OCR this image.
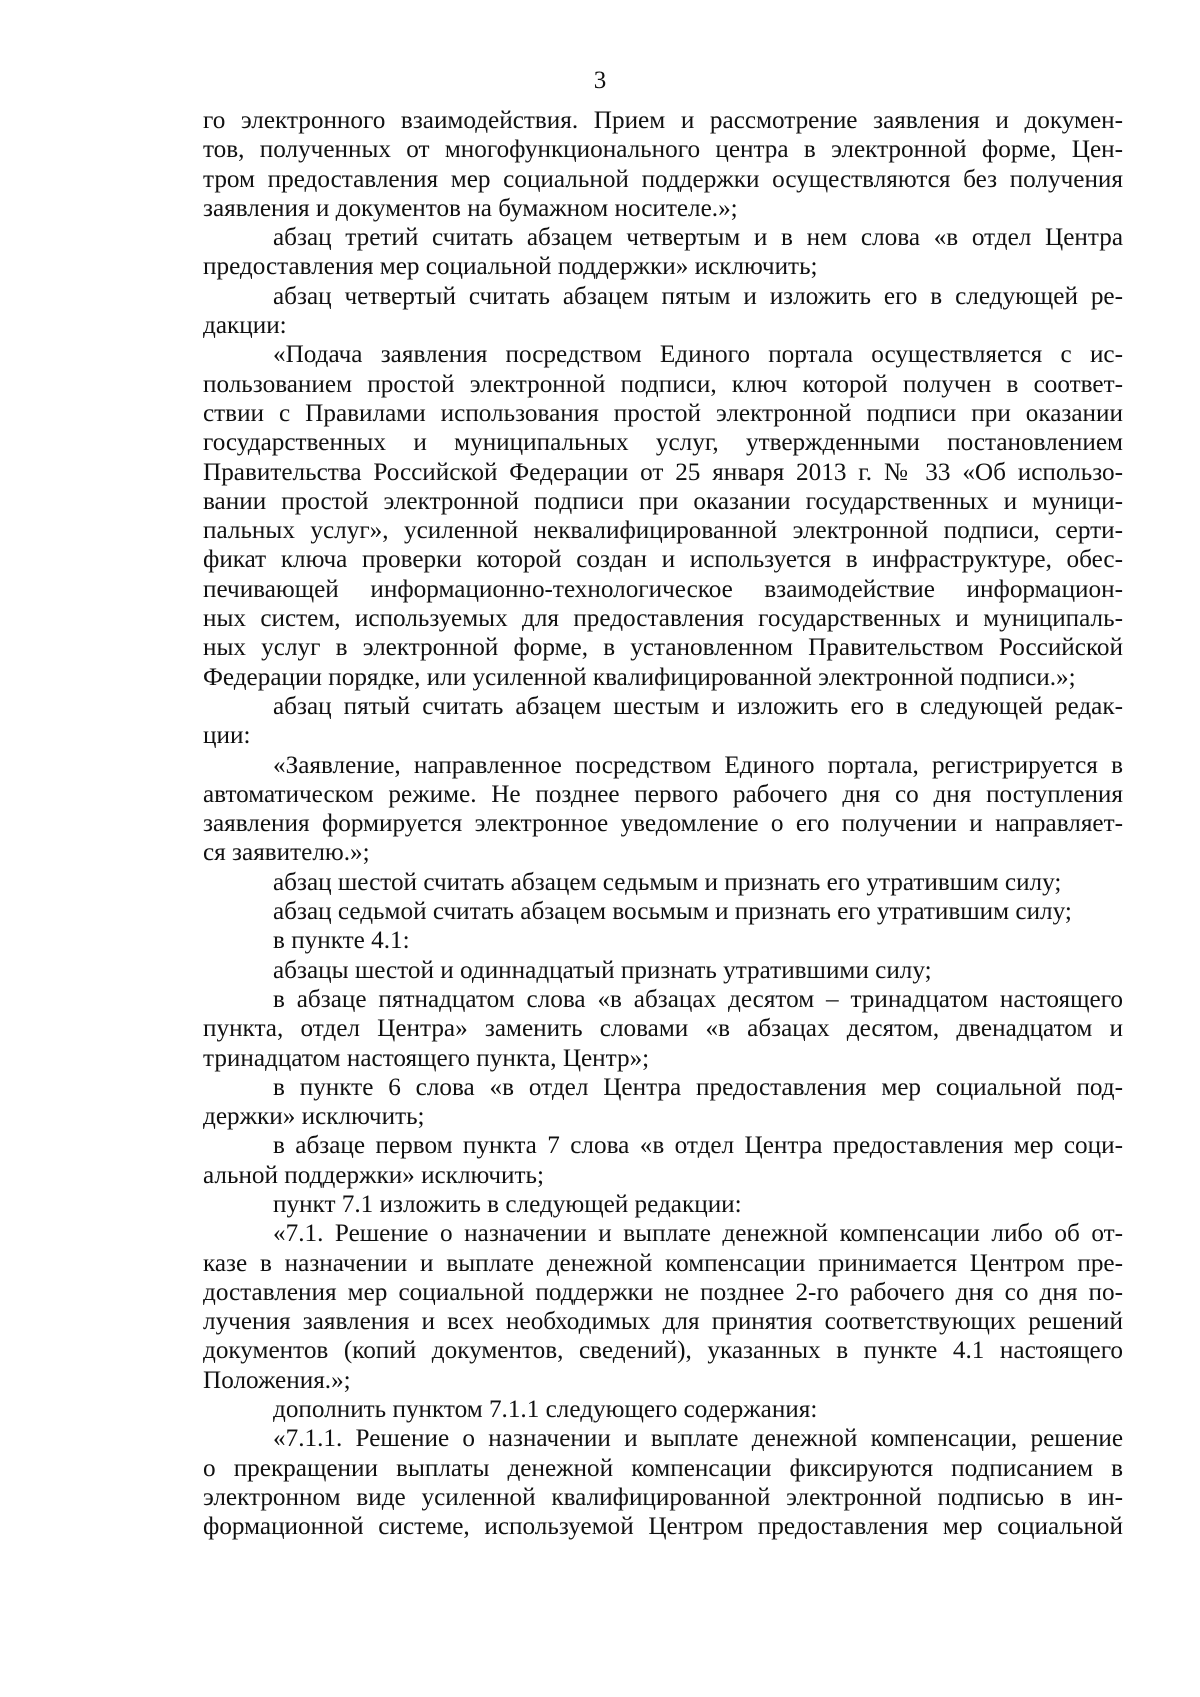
3
го электронного взаимодействия. Прием и рассмотрение заявления и докумен-
тов, полученных от многофункционального центра в электронной форме, Цен-
тром предоставления мер социальной поддержки осуществляются без получения
заявления и документов на бумажном носителе.»;
абзац третий считать абзацем четвертым и в нем слова «в отдел Центра
предоставления мер социальной поддержки» исключить;
абзац четвертый считать абзацем пятым и изложить его в следующей ре-
дакции:
«Подача заявления посредством Единого портала осуществляется с ис-
пользованием простой электронной подписи, ключ которой получен в соответ-
ствии с Правилами использования простой электронной подписи при оказании
государственных и муниципальных услуг, утвержденными постановлением
Правительства Российской Федерации от 25 января 2013 г. № 33 «Об использо-
вании простой электронной подписи при оказании государственных и муници-
пальных услуг», усиленной неквалифицированной электронной подписи, серти-
фикат ключа проверки которой создан и используется в инфраструктуре, обес-
печивающей информационно-технологическое взаимодействие информацион-
ных систем, используемых для предоставления государственных и муниципаль-
ных услуг в электронной форме, в установленном Правительством Российской
Федерации порядке, или усиленной квалифицированной электронной подписи.»;
абзац пятый считать абзацем шестым и изложить его в следующей редак-
ции:
«Заявление, направленное посредством Единого портала, регистрируется в
автоматическом режиме. Не позднее первого рабочего дня со дня поступления
заявления формируется электронное уведомление о его получении и направляет-
ся заявителю.»;
абзац шестой считать абзацем седьмым и признать его утратившим силу;
абзац седьмой считать абзацем восьмым и признать его утратившим силу;
в пункте 4.1:
абзацы шестой и одиннадцатый признать утратившими силу;
в абзаце пятнадцатом слова «в абзацах десятом – тринадцатом настоящего
пункта, отдел Центра» заменить словами «в абзацах десятом, двенадцатом и
тринадцатом настоящего пункта, Центр»;
в пункте 6 слова «в отдел Центра предоставления мер социальной под-
держки» исключить;
в абзаце первом пункта 7 слова «в отдел Центра предоставления мер соци-
альной поддержки» исключить;
пункт 7.1 изложить в следующей редакции:
«7.1. Решение о назначении и выплате денежной компенсации либо об от-
казе в назначении и выплате денежной компенсации принимается Центром пре-
доставления мер социальной поддержки не позднее 2-го рабочего дня со дня по-
лучения заявления и всех необходимых для принятия соответствующих решений
документов (копий документов, сведений), указанных в пункте 4.1 настоящего
Положения.»;
дополнить пунктом 7.1.1 следующего содержания:
«7.1.1. Решение о назначении и выплате денежной компенсации, решение
о прекращении выплаты денежной компенсации фиксируются подписанием в
электронном виде усиленной квалифицированной электронной подписью в ин-
формационной системе, используемой Центром предоставления мер социальной
